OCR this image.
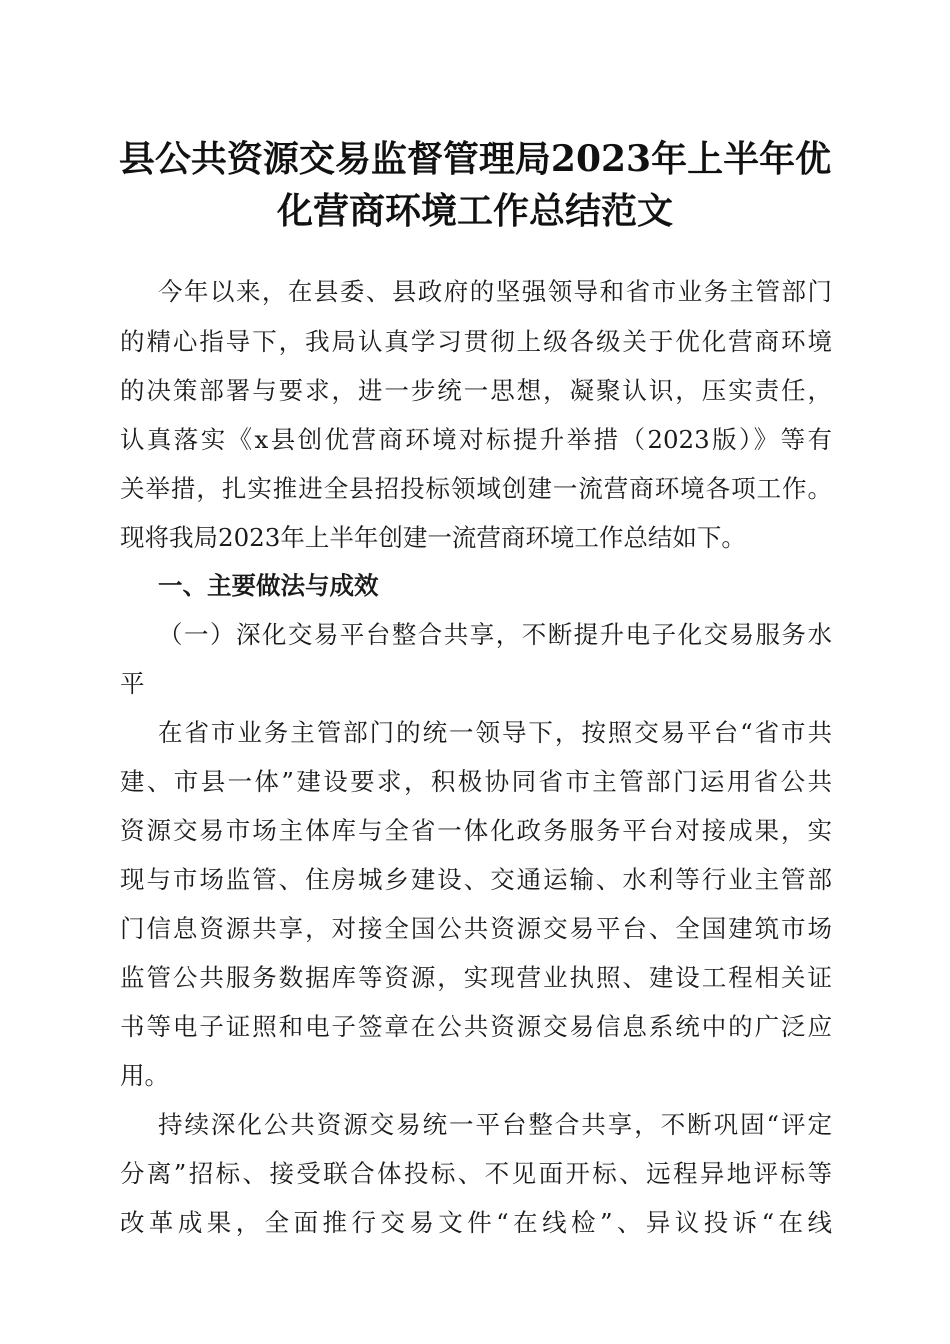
县公共资源交易监督管理局2023年上半年优
化营商环境工作总结范文
今年以来，在县委、县政府的坚强领导和省市业务主管部门
的精心指导下，我局认真学习贯彻上级各级关于优化营商环境
的决策部署与要求，进一步统一思想，凝聚认识，压实责任，
认真落实《x县创优营商环境对标提升举措（2023版）》等有
关举措，扎实推进全县招投标领域创建一流营商环境各项工作。
现将我局2023年上半年创建一流营商环境工作总结如下。
一、主要做法与成效
（一）深化交易平台整合共享，不断提升电子化交易服务水
平
在省市业务主管部门的统一领导下，按照交易平台“省市共
建、市县一体”建设要求，积极协同省市主管部门运用省公共
资源交易市场主体库与全省一体化政务服务平台对接成果，实
现与市场监管、住房城乡建设、交通运输、水利等行业主管部
门信息资源共享，对接全国公共资源交易平台、全国建筑市场
监管公共服务数据库等资源，实现营业执照、建设工程相关证
书等电子证照和电子签章在公共资源交易信息系统中的广泛应
用。
持续深化公共资源交易统一平台整合共享，不断巩固“评定
分离”招标、接受联合体投标、不见面开标、远程异地评标等
改革成果，全面推行交易文件“在线检”、异议投诉“在线
